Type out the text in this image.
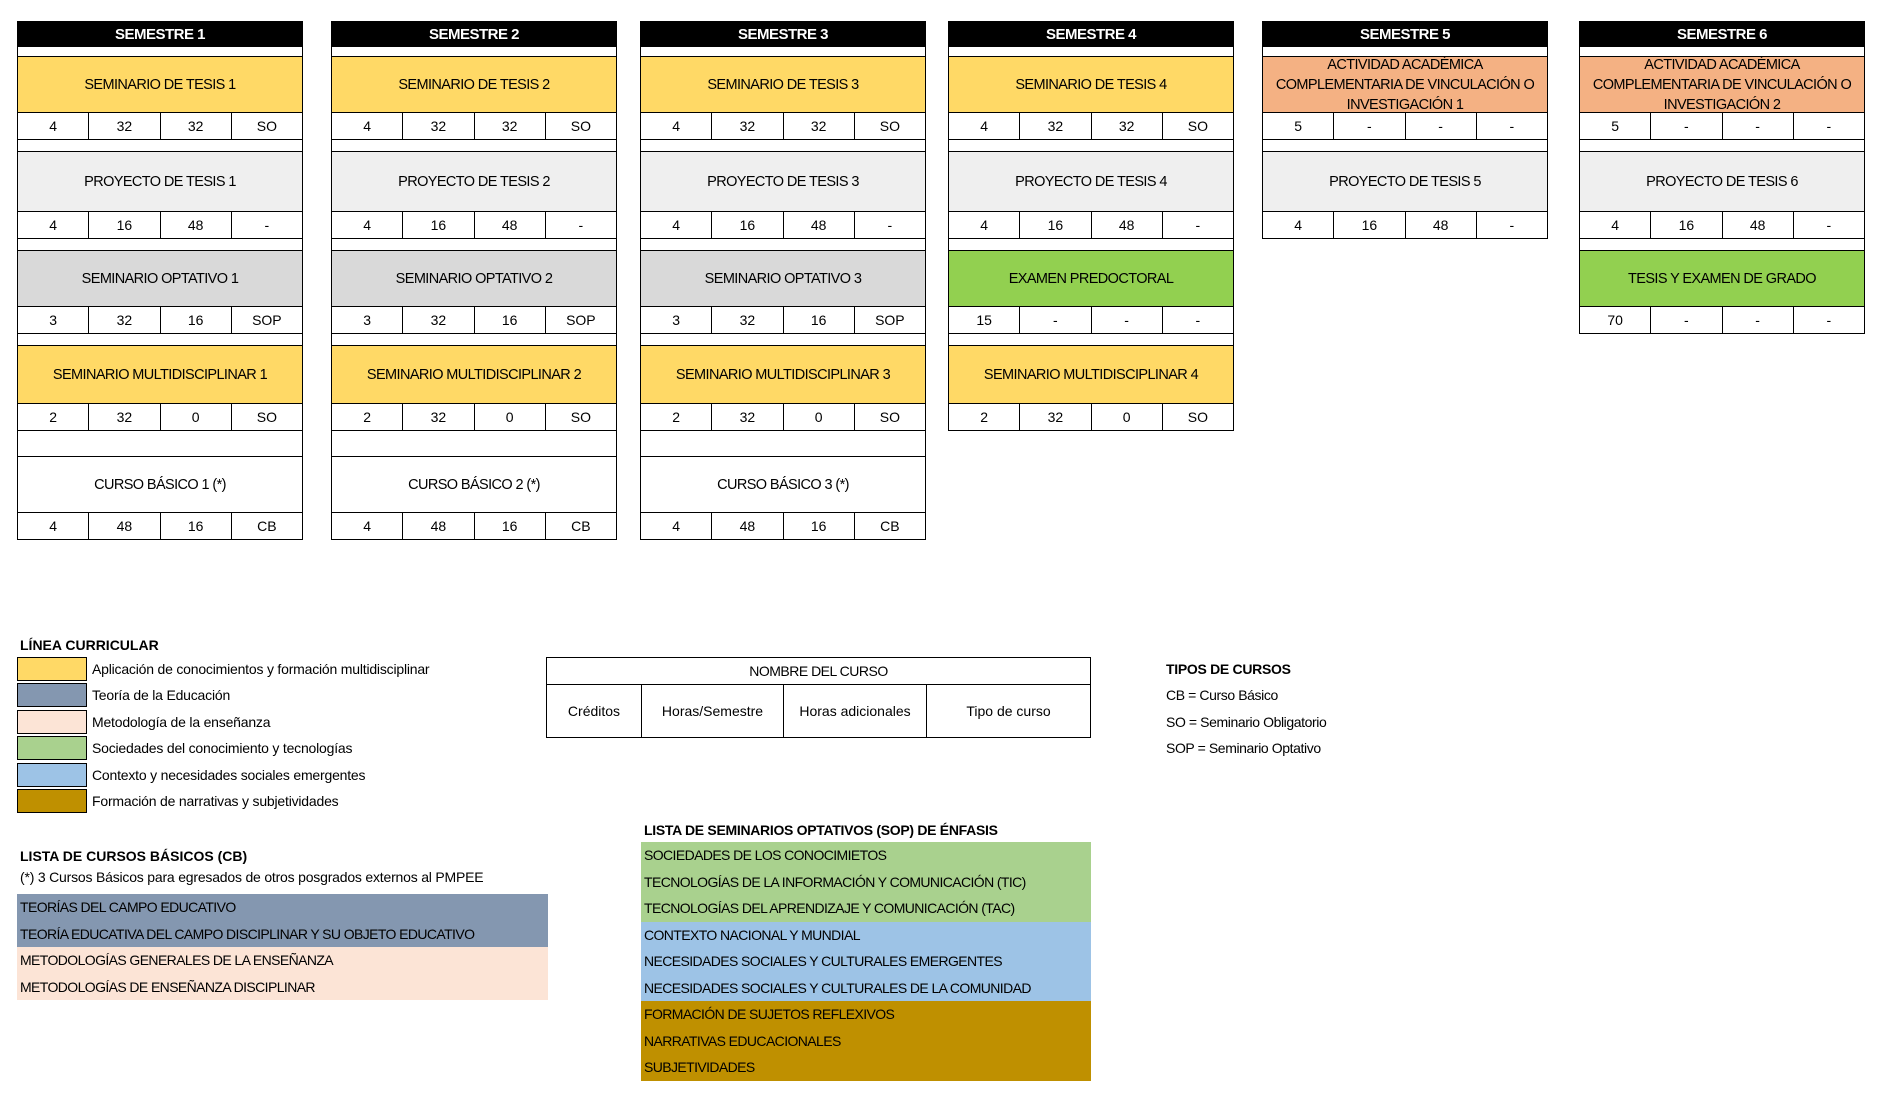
SEMESTRE 1
SEMINARIO DE TESIS 1
4	32	32	SO
PROYECTO DE TESIS 1
4	16	48	-
SEMINARIO OPTATIVO 1
3	32	16	SOP
SEMINARIO MULTIDISCIPLINAR 1
2	32	0	SO
CURSO BÁSICO 1 (*)
4	48	16	CB
SEMESTRE 2
SEMINARIO DE TESIS 2
4	32	32	SO
PROYECTO DE TESIS 2
4	16	48	-
SEMINARIO OPTATIVO 2
3	32	16	SOP
SEMINARIO MULTIDISCIPLINAR 2
2	32	0	SO
CURSO BÁSICO 2 (*)
4	48	16	CB
SEMESTRE 3
SEMINARIO DE TESIS 3
4	32	32	SO
PROYECTO DE TESIS 3
4	16	48	-
SEMINARIO OPTATIVO 3
3	32	16	SOP
SEMINARIO MULTIDISCIPLINAR 3
2	32	0	SO
CURSO BÁSICO 3 (*)
4	48	16	CB
SEMESTRE 4
SEMINARIO DE TESIS 4
4	32	32	SO
PROYECTO DE TESIS 4
4	16	48	-
EXAMEN PREDOCTORAL
15	-	-	-
SEMINARIO MULTIDISCIPLINAR 4
2	32	0	SO
SEMESTRE 5
ACTIVIDAD ACADÉMICA COMPLEMENTARIA DE VINCULACIÓN O INVESTIGACIÓN 1
5	-	-	-
PROYECTO DE TESIS 5
4	16	48	-
SEMESTRE 6
ACTIVIDAD ACADÉMICA COMPLEMENTARIA DE VINCULACIÓN O INVESTIGACIÓN 2
5	-	-	-
PROYECTO DE TESIS 6
4	16	48	-
TESIS Y EXAMEN DE GRADO
70	-	-	-
LÍNEA CURRICULAR
Aplicación de conocimientos y formación multidisciplinar
Teoría de la Educación
Metodología de la enseñanza
Sociedades del conocimiento y tecnologías
Contexto y necesidades sociales emergentes
Formación de narrativas y subjetividades
NOMBRE DEL CURSO
Créditos	Horas/Semestre	Horas adicionales	Tipo de curso
TIPOS DE CURSOS
CB = Curso Básico
SO = Seminario Obligatorio
SOP = Seminario Optativo
LISTA DE CURSOS BÁSICOS (CB)
(*) 3 Cursos Básicos para egresados de otros posgrados externos al PMPEE
TEORÍAS DEL CAMPO EDUCATIVO
TEORÍA EDUCATIVA DEL CAMPO DISCIPLINAR Y SU OBJETO EDUCATIVO
METODOLOGÍAS GENERALES DE LA ENSEÑANZA
METODOLOGÍAS DE ENSEÑANZA DISCIPLINAR
LISTA DE SEMINARIOS OPTATIVOS (SOP) DE ÉNFASIS
SOCIEDADES DE LOS CONOCIMIETOS
TECNOLOGÍAS DE LA INFORMACIÓN Y COMUNICACIÓN (TIC)
TECNOLOGÍAS DEL APRENDIZAJE Y COMUNICACIÓN (TAC)
CONTEXTO NACIONAL Y MUNDIAL
NECESIDADES SOCIALES Y CULTURALES EMERGENTES
NECESIDADES SOCIALES Y CULTURALES DE LA COMUNIDAD
FORMACIÓN DE SUJETOS REFLEXIVOS
NARRATIVAS EDUCACIONALES
SUBJETIVIDADES
